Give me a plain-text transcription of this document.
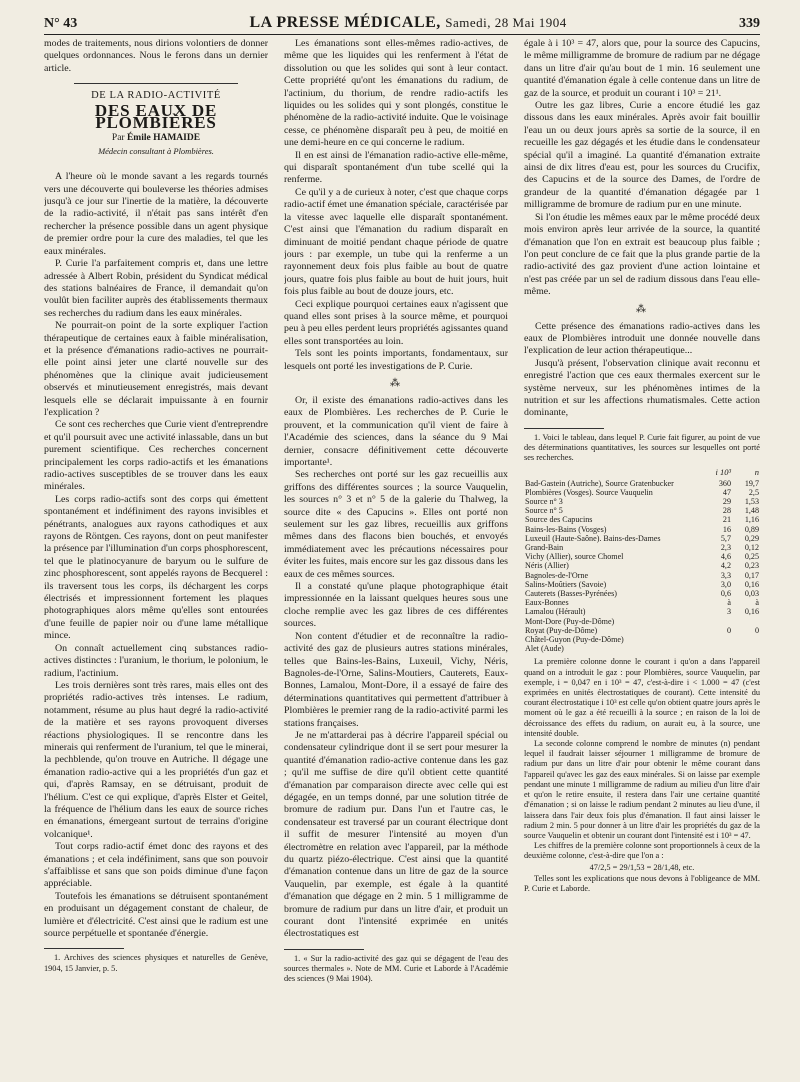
N° 43	LA PRESSE MÉDICALE, Samedi, 28 Mai 1904	339

modes de traitements, nous dirions volontiers de donner quelques ordonnances. Nous le ferons dans un dernier article.

DE LA RADIO-ACTIVITÉ
DES EAUX DE PLOMBIÈRES
Par Émile HAMAIDE
Médecin consultant à Plombières.

A l'heure où le monde savant a les regards tournés vers une découverte qui bouleverse les théories admises jusqu'à ce jour sur l'inertie de la matière, la découverte de la radio-activité, il n'était pas sans intérêt d'en rechercher la présence possible dans un agent physique de premier ordre pour la cure des maladies, tel que les eaux minérales.

P. Curie l'a parfaitement compris et, dans une lettre adressée à Albert Robin, président du Syndicat médical des stations balnéaires de France, il demandait qu'on voulût bien faciliter auprès des établissements thermaux ses recherches du radium dans les eaux minérales.

Ne pourrait-on point de la sorte expliquer l'action thérapeutique de certaines eaux à faible minéralisation, et la présence d'émanations radio-actives ne pourrait-elle point ainsi jeter une clarté nouvelle sur des phénomènes que la clinique avait judicieusement observés et minutieusement enregistrés, mais devant lesquels elle se déclarait impuissante à en fournir l'explication ?

Ce sont ces recherches que Curie vient d'entreprendre et qu'il poursuit avec une activité inlassable, dans un but purement scientifique. Ces recherches concernent principalement les corps radio-actifs et les émanations radio-actives susceptibles de se trouver dans les eaux minérales.

Les corps radio-actifs sont des corps qui émettent spontanément et indéfiniment des rayons invisibles et pénétrants, analogues aux rayons cathodiques et aux rayons de Röntgen. Ces rayons, dont on peut manifester la présence par l'illumination d'un corps phosphorescent, tel que le platinocyanure de baryum ou le sulfure de zinc phosphorescent, sont appelés rayons de Becquerel : ils traversent tous les corps, ils déchargent les corps électrisés et impressionnent fortement les plaques photographiques alors même qu'elles sont entourées d'une feuille de papier noir ou d'une lame métallique mince.

On connaît actuellement cinq substances radio-actives distinctes : l'uranium, le thorium, le polonium, le radium, l'actinium.

Les trois dernières sont très rares, mais elles ont des propriétés radio-actives très intenses. Le radium, notamment, résume au plus haut degré la radio-activité de la matière et ses rayons provoquent diverses réactions physiologiques. Il se rencontre dans les minerais qui renferment de l'uranium, tel que le minerai, la pechblende, qu'on trouve en Autriche. Il dégage une émanation radio-active qui a les propriétés d'un gaz et qui, d'après Ramsay, en se détruisant, produit de l'hélium. C'est ce qui explique, d'après Elster et Geitel, la fréquence de l'hélium dans les eaux de source riches en émanations, émergeant surtout de terrains d'origine volcanique¹.

Tout corps radio-actif émet donc des rayons et des émanations ; et cela indéfiniment, sans que son pouvoir s'affaiblisse et sans que son poids diminue d'une façon appréciable.

Toutefois les émanations se détruisent spontanément en produisant un dégagement constant de chaleur, de lumière et d'électricité. C'est ainsi que le radium est une source perpétuelle et spontanée d'énergie.

1. Archives des sciences physiques et naturelles de Genève, 1904, 15 Janvier, p. 5.

Les émanations sont elles-mêmes radio-actives, de même que les liquides qui les renferment à l'état de dissolution ou que les solides qui sont à leur contact. Cette propriété qu'ont les émanations du radium, de l'actinium, du thorium, de rendre radio-actifs les liquides ou les solides qui y sont plongés, constitue le phénomène de la radio-activité induite. Que le voisinage cesse, ce phénomène disparaît peu à peu, de moitié en une demi-heure en ce qui concerne le radium.

Il en est ainsi de l'émanation radio-active elle-même, qui disparaît spontanément d'un tube scellé qui la renferme.

Ce qu'il y a de curieux à noter, c'est que chaque corps radio-actif émet une émanation spéciale, caractérisée par la vitesse avec laquelle elle disparaît spontanément. C'est ainsi que l'émanation du radium disparaît en diminuant de moitié pendant chaque période de quatre jours : par exemple, un tube qui la renferme a un rayonnement deux fois plus faible au bout de quatre jours, quatre fois plus faible au bout de huit jours, huit fois plus faible au bout de douze jours, etc.

Ceci explique pourquoi certaines eaux n'agissent que quand elles sont prises à la source même, et pourquoi peu à peu elles perdent leurs propriétés agissantes quand elles sont transportées au loin.

Tels sont les points importants, fondamentaux, sur lesquels ont porté les investigations de P. Curie.

⁂

Or, il existe des émanations radio-actives dans les eaux de Plombières. Les recherches de P. Curie le prouvent, et la communication qu'il vient de faire à l'Académie des sciences, dans la séance du 9 Mai dernier, consacre définitivement cette découverte importante¹.

Ses recherches ont porté sur les gaz recueillis aux griffons des différentes sources ; la source Vauquelin, les sources n° 3 et n° 5 de la galerie du Thalweg, la source dite « des Capucins ». Elles ont porté non seulement sur les gaz libres, recueillis aux griffons mêmes dans des flacons bien bouchés, et envoyés immédiatement avec les précautions nécessaires pour éviter les fuites, mais encore sur les gaz dissous dans les eaux de ces mêmes sources.

Il a constaté qu'une plaque photographique était impressionnée en la laissant quelques heures sous une cloche remplie avec les gaz libres de ces différentes sources.

Non content d'étudier et de reconnaître la radio-activité des gaz de plusieurs autres stations minérales, telles que Bains-les-Bains, Luxeuil, Vichy, Néris, Bagnoles-de-l'Orne, Salins-Moutiers, Cauterets, Eaux-Bonnes, Lamalou, Mont-Dore, il a essayé de faire des déterminations quantitatives qui permettent d'attribuer à Plombières le premier rang de la radio-activité parmi les stations françaises.

Je ne m'attarderai pas à décrire l'appareil spécial ou condensateur cylindrique dont il se sert pour mesurer la quantité d'émanation radio-active contenue dans les gaz ; qu'il me suffise de dire qu'il obtient cette quantité d'émanation par comparaison directe avec celle qui est dégagée, en un temps donné, par une solution titrée de bromure de radium pur. Dans l'un et l'autre cas, le condensateur est traversé par un courant électrique dont il suffit de mesurer l'intensité au moyen d'un électromètre en relation avec l'appareil, par la méthode du quartz piézo-électrique. C'est ainsi que la quantité d'émanation contenue dans un litre de gaz de la source Vauquelin, par exemple, est égale à la quantité d'émanation que dégage en 2 min. 5 1 milligramme de bromure de radium pur dans un litre d'air, et produit un courant dont l'intensité exprimée en unités électrostatiques est

1. « Sur la radio-activité des gaz qui se dégagent de l'eau des sources thermales ». Note de MM. Curie et Laborde à l'Académie des sciences (9 Mai 1904).

égale à i 10³ = 47, alors que, pour la source des Capucins, le même milligramme de bromure de radium par ne dégage dans un litre d'air qu'au bout de 1 min. 16 seulement une quantité d'émanation égale à celle contenue dans un litre de gaz de la source, et produit un courant i 10³ = 21¹.

Outre les gaz libres, Curie a encore étudié les gaz dissous dans les eaux minérales. Après avoir fait bouillir l'eau un ou deux jours après sa sortie de la source, il en recueille les gaz dégagés et les étudie dans le condensateur spécial qu'il a imaginé. La quantité d'émanation extraite ainsi de dix litres d'eau est, pour les sources du Crucifix, des Capucins et de la source des Dames, de l'ordre de grandeur de la quantité d'émanation dégagée par 1 milligramme de bromure de radium pur en une minute.

Si l'on étudie les mêmes eaux par le même procédé deux mois environ après leur arrivée de la source, la quantité d'émanation que l'on en extrait est beaucoup plus faible ; l'on peut conclure de ce fait que la plus grande partie de la radio-activité des gaz provient d'une action lointaine et n'est pas créée par un sel de radium dissous dans l'eau elle-même.

⁂

Cette présence des émanations radio-actives dans les eaux de Plombières introduit une donnée nouvelle dans l'explication de leur action thérapeutique...

Jusqu'à présent, l'observation clinique avait reconnu et enregistré l'action que ces eaux thermales exercent sur le système nerveux, sur les phénomènes intimes de la nutrition et sur les affections rhumatismales. Cette action dominante,

1. Voici le tableau, dans lequel P. Curie fait figurer, au point de vue des déterminations quantitatives, les sources sur lesquelles ont porté ses recherches.

	i 10³	n
Bad-Gastein (Autriche), Source Gratenbucker	360	19,7
Plombières (Vosges). Source Vauquelin	47	2,5
Source n° 3	29	1,53
Source n° 5	28	1,48
Source des Capucins	21	1,16
Bains-les-Bains (Vosges)	16	0,89
Luxeuil (Haute-Saône). Bains-des-Dames	5,7	0,29
Grand-Bain	2,3	0,12
Vichy (Allier), source Chomel	4,6	0,25
Néris (Allier)	4,2	0,23
Bagnoles-de-l'Orne	3,3	0,17
Salins-Moûtiers (Savoie)	3,0	0,16
Cauterets (Basses-Pyrénées)	0,6	0,03
Eaux-Bonnes	à	à
Lamalou (Hérault)	3	0,16
Mont-Dore (Puy-de-Dôme)		
Royat (Puy-de-Dôme)	0	0
Châtel-Guyon (Puy-de-Dôme)		
Alet (Aude)		

La première colonne donne le courant i qu'on a dans l'appareil quand on a introduit le gaz : pour Plombières, source Vauquelin, par exemple, i = 0,047 en i 10³ = 47, c'est-à-dire i < 1.000 = 47 (c'est exprimées en unités électrostatiques de courant). Cette intensité du courant électrostatique i 10³ est celle qu'on obtient quatre jours après le moment où le gaz a été recueilli à la source ; en raison de la loi de décroissance des effets du radium, on aurait eu, à la source, une intensité double.

La seconde colonne comprend le nombre de minutes (n) pendant lequel il faudrait laisser séjourner 1 milligramme de bromure de radium pur dans un litre d'air pour obtenir le même courant dans l'appareil qu'avec les gaz des eaux minérales. Si on laisse par exemple pendant une minute 1 milligramme de radium au milieu d'un litre d'air et qu'on le retire ensuite, il restera dans l'air une certaine quantité d'émanation ; si on laisse le radium pendant 2 minutes au lieu d'une, il laissera dans l'air deux fois plus d'émanation. Il faut ainsi laisser le radium 2 min. 5 pour donner à un litre d'air les propriétés du gaz de la source Vauquelin et obtenir un courant dont l'intensité est i 10³ = 47.

Les chiffres de la première colonne sont proportionnels à ceux de la deuxième colonne, c'est-à-dire que l'on a :

47/2,5 = 29/1,53 = 28/1,48, etc.

Telles sont les explications que nous devons à l'obligeance de MM. P. Curie et Laborde.
